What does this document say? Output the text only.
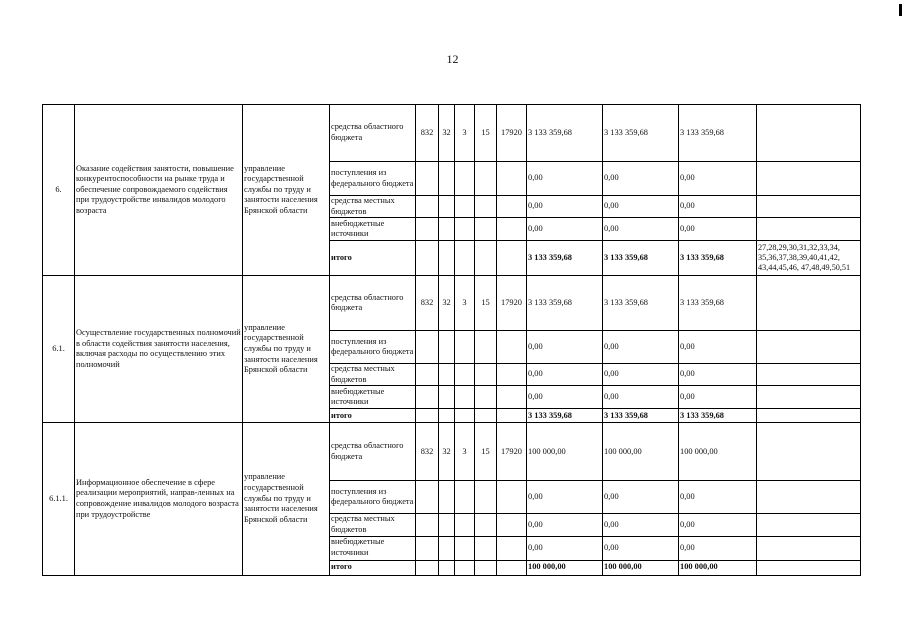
12
6.	Оказание содействия занятости, повышение конкурентоспособности на рынке труда и обеспечение сопровождаемого содействия при трудоустройстве инвалидов молодого возраста	управление государственной службы по труду и занятости населения Брянской области	средства областного бюджета	832	32	3	15	17920	3 133 359,68	3 133 359,68	3 133 359,68	
			поступления из федерального бюджета						0,00	0,00	0,00	
			средства местных бюджетов						0,00	0,00	0,00	
			внебюджетные источники						0,00	0,00	0,00	
			итого						3 133 359,68	3 133 359,68	3 133 359,68	27,28,29,30,31,32,33,34, 35,36,37,38,39,40,41,42, 43,44,45,46, 47,48,49,50,51
6.1.	Осуществление государственных полномочий в области содействия занятости населения, включая расходы по осуществлению этих полномочий	управление государственной службы по труду и занятости населения Брянской области	средства областного бюджета	832	32	3	15	17920	3 133 359,68	3 133 359,68	3 133 359,68	
			поступления из федерального бюджета						0,00	0,00	0,00	
			средства местных бюджетов						0,00	0,00	0,00	
			внебюджетные источники						0,00	0,00	0,00	
			итого						3 133 359,68	3 133 359,68	3 133 359,68	
6.1.1.	Информационное обеспечение в сфере реализации мероприятий, направ-ленных на сопровождение инвалидов молодого возраста при трудоустройстве	управление государственной службы по труду и занятости населения Брянской области	средства областного бюджета	832	32	3	15	17920	100 000,00	100 000,00	100 000,00	
			поступления из федерального бюджета						0,00	0,00	0,00	
			средства местных бюджетов						0,00	0,00	0,00	
			внебюджетные источники						0,00	0,00	0,00	
			итого						100 000,00	100 000,00	100 000,00	
